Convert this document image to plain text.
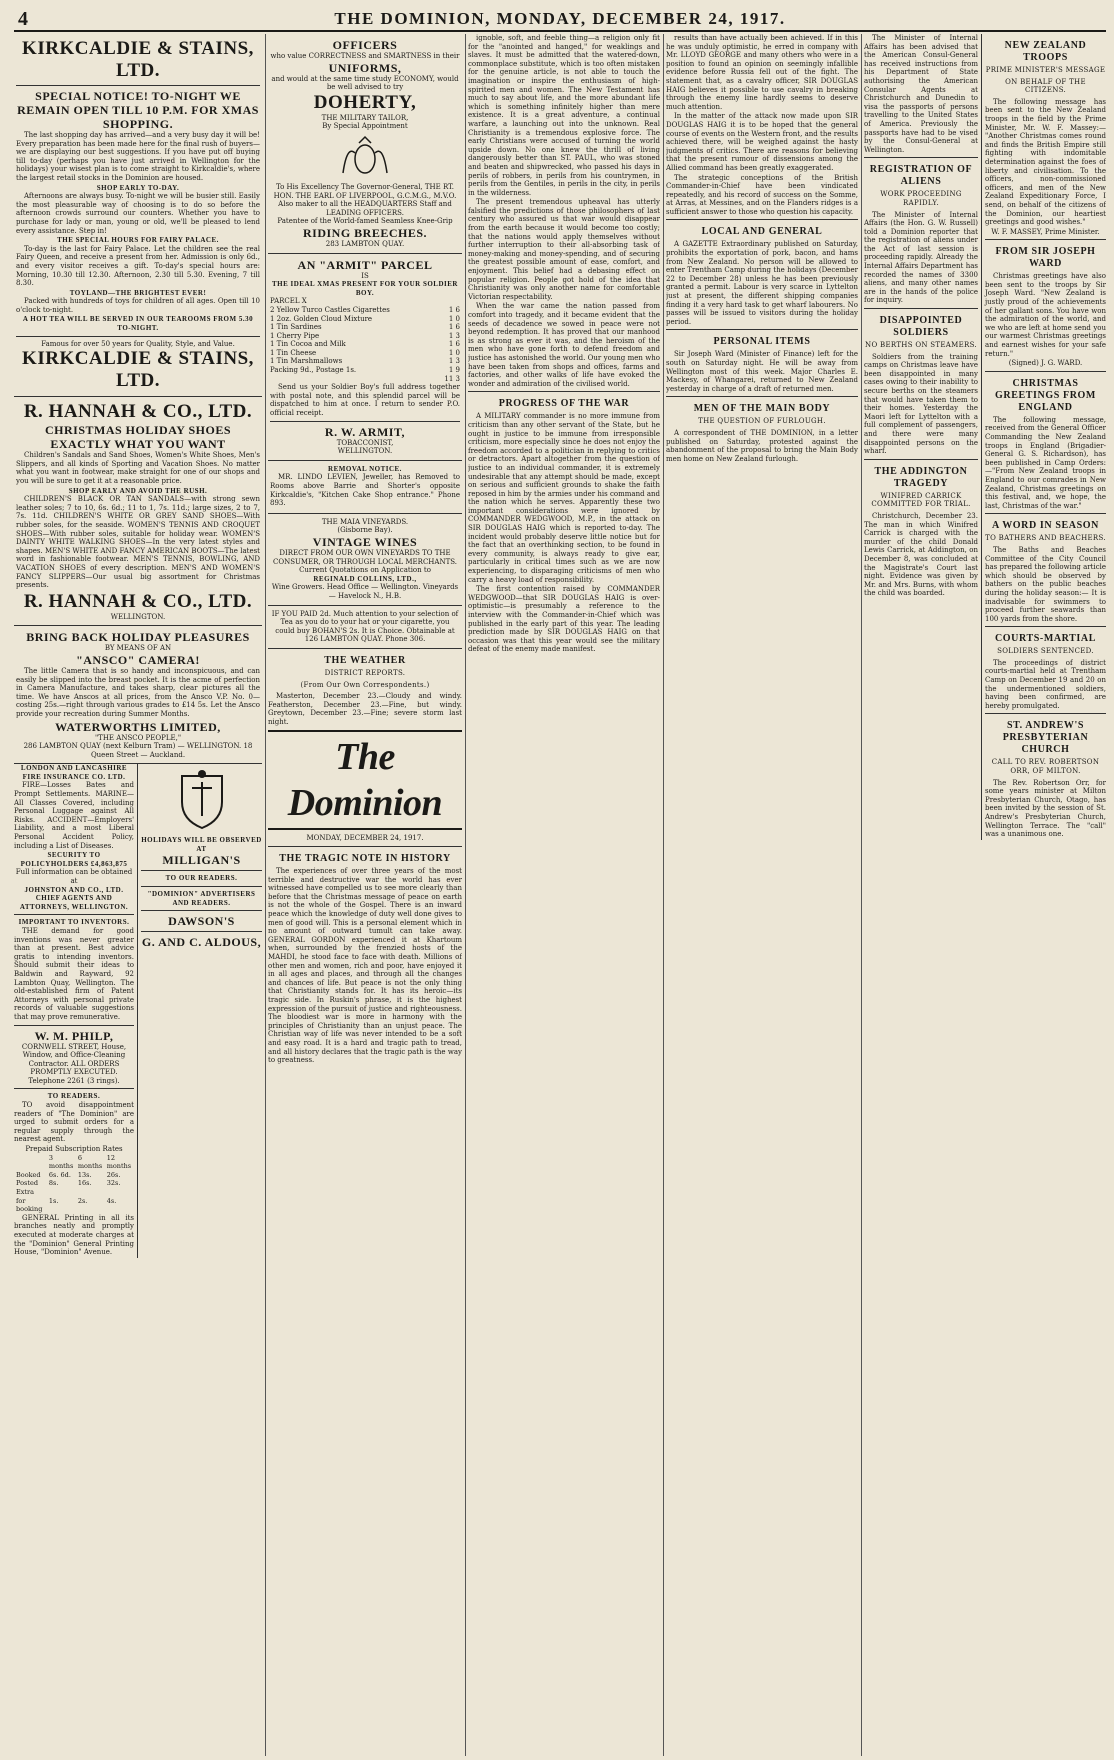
4	THE DOMINION, MONDAY, DECEMBER 24, 1917.
KIRKCALDIE & STAINS, LTD.
SPECIAL NOTICE! TO-NIGHT WE REMAIN OPEN TILL 10 P.M. FOR XMAS SHOPPING.

The last shopping day has arrived—and a very busy day it will be! Every preparation has been made here for the final rush of buyers—we are displaying our best suggestions. If you have put off buying till to-day (perhaps you have just arrived in Wellington for the holidays) your wisest plan is to come straight to Kirkcaldie's, where the largest retail stocks in the Dominion are housed.

SHOP EARLY TO-DAY.

Afternoons are always busy. To-night we will be busier still. Easily the most pleasurable way of choosing is to do so before the afternoon crowds surround our counters. Whether you have to purchase for lady or man, young or old, we'll be pleased to lend every assistance. Step in!

THE SPECIAL HOURS FOR FAIRY PALACE.

To-day is the last for Fairy Palace. Let the children see the real Fairy Queen, and receive a present from her. Admission is only 6d., and every visitor receives a gift. To-day's special hours are: Morning, 10.30 till 12.30. Afternoon, 2.30 till 5.30. Evening, 7 till 8.30.

TOYLAND—THE BRIGHTEST EVER!

Packed with hundreds of toys for children of all ages. Open till 10 o'clock to-night.

A HOT TEA WILL BE SERVED IN OUR TEAROOMS FROM 5.30 TO-NIGHT.
Famous for over 50 years for Quality, Style, and Value.
KIRKCALDIE & STAINS, LTD.
R. HANNAH & CO., LTD.
CHRISTMAS HOLIDAY SHOES EXACTLY WHAT YOU WANT

Children's Sandals and Sand Shoes, Women's White Shoes, Men's Slippers, and all kinds of Sporting and Vacation Shoes. No matter what you want in footwear, make straight for one of our shops and you will be sure to get it at a reasonable price.

SHOP EARLY AND AVOID THE RUSH.

CHILDREN'S BLACK OR TAN SANDALS—with strong sewn leather soles; 7 to 10, 6s. 6d.; 11 to 1, 7s. 11d.; large sizes, 2 to 7, 7s. 11d. CHILDREN'S WHITE OR GREY SAND SHOES—With rubber soles, for the seaside. WOMEN'S TENNIS AND CROQUET SHOES—With rubber soles, suitable for holiday wear. WOMEN'S DAINTY WHITE WALKING SHOES—In the very latest styles and shapes. MEN'S WHITE AND FANCY AMERICAN BOOTS—The latest word in fashionable footwear. MEN'S TENNIS, BOWLING, AND VACATION SHOES of every description. MEN'S AND WOMEN'S FANCY SLIPPERS—Our usual big assortment for Christmas presents.

R. HANNAH & CO., LTD.
WELLINGTON.
BRING BACK HOLIDAY PLEASURES
BY MEANS OF AN
"ANSCO" CAMERA!

The little Camera that is so handy and inconspicuous, and can easily be slipped into the breast pocket. It is the acme of perfection in Camera Manufacture, and takes sharp, clear pictures all the time. We have Anscos at all prices, from the Ansco V.P. No. 0—costing 25s.—right through various grades to £14 5s. Let the Ansco provide your recreation during Summer Months.

WATERWORTHS LIMITED,
"THE ANSCO PEOPLE,"
286 LAMBTON QUAY (next Kelburn Tram) — WELLINGTON. 18 Queen Street — Auckland.
LONDON AND LANCASHIRE FIRE INSURANCE CO. LTD.

FIRE—Losses Bates and Prompt Settlements. MARINE—All Classes Covered, including Personal Luggage against All Risks. ACCIDENT—Employers' Liability, and a most Liberal Personal Accident Policy, including a List of Diseases.

SECURITY TO POLICYHOLDERS £4,863,875
Full information can be obtained at
JOHNSTON AND CO., LTD. CHIEF AGENTS AND ATTORNEYS, WELLINGTON.
IMPORTANT TO INVENTORS.

THE demand for good inventions was never greater than at present. Best advice gratis to intending inventors. Should submit their ideas to Baldwin and Rayward, 92 Lambton Quay, Wellington. The old-established firm of Patent Attorneys with personal private records of valuable suggestions that may prove remunerative.

W. M. PHILP,
CORNWELL STREET, House, Window, and Office-Cleaning Contractor. ALL ORDERS PROMPTLY EXECUTED. Telephone 2261 (3 rings).
TO READERS.

TO avoid disappointment readers of "The Dominion" are urged to submit orders for a regular supply through the nearest agent.

Prepaid Subscription Rates
	3 months	6 months	12 months
Booked	6s. 6d.	13s.	26s.
Posted	8s.	16s.	32s.
Extra for booking	1s.	2s.	4s.

GENERAL Printing in all its branches neatly and promptly executed at moderate charges at the "Dominion" General Printing House, "Dominion" Avenue.

HOLIDAYS WILL BE OBSERVED AT
MILLIGAN'S
TO OUR READERS.
"DOMINION" ADVERTISERS AND READERS.
DAWSON'S
G. AND C. ALDOUS,
OFFICERS
who value CORRECTNESS and SMARTNESS in their
UNIFORMS,
and would at the same time study ECONOMY, would be well advised to try
DOHERTY,
THE MILITARY TAILOR,
By Special Appointment
To His Excellency The Governor-General, THE RT. HON. THE EARL OF LIVERPOOL, G.C.M.G., M.V.O.
Also maker to all the HEADQUARTERS Staff and LEADING OFFICERS.
Patentee of the World-famed Seamless Knee-Grip
RIDING BREECHES.
283 LAMBTON QUAY.
AN "ARMIT" PARCEL
IS
THE IDEAL XMAS PRESENT FOR YOUR SOLDIER BOY.
PARCEL X
2 Yellow Turco Castles Cigarettes	1 6
1 2oz. Golden Cloud Mixture	1 0
1 Tin Sardines	1 6
1 Cherry Pipe	1 3
1 Tin Cocoa and Milk	1 6
1 Tin Cheese	1 0
1 Tin Marshmallows	1 3
Packing 9d., Postage 1s.	1 9
11 3

Send us your Soldier Boy's full address together with postal note, and this splendid parcel will be dispatched to him at once. I return to sender P.O. official receipt.

R. W. ARMIT,
TOBACCONIST,
WELLINGTON.
REMOVAL NOTICE.

MR. LINDO LEVIEN, Jeweller, has Removed to Rooms above Barrie and Shorter's opposite Kirkcaldie's, "Kitchen Cake Shop entrance." Phone 893.

THE MAIA VINEYARDS.
(Gisborne Bay).
VINTAGE WINES
DIRECT FROM OUR OWN VINEYARDS TO THE CONSUMER, OR THROUGH LOCAL MERCHANTS. Current Quotations on Application to
REGINALD COLLINS, LTD.,
Wine Growers. Head Office — Wellington. Vineyards — Havelock N., H.B.
IF YOU PAID 2d. Much attention to your selection of Tea as you do to your hat or your cigarette, you could buy BOHAN'S 2s. It is Choice. Obtainable at 126 LAMBTON QUAY. Phone 306.
THE WEATHER
DISTRICT REPORTS.
(From Our Own Correspondents.)

Masterton, December 23.—Cloudy and windy. Featherston, December 23.—Fine, but windy. Greytown, December 23.—Fine; severe storm last night.

The Dominion
MONDAY, DECEMBER 24, 1917.
THE TRAGIC NOTE IN HISTORY

The experiences of over three years of the most terrible and destructive war the world has ever witnessed have compelled us to see more clearly than before that the Christmas message of peace on earth is not the whole of the Gospel. There is an inward peace which the knowledge of duty well done gives to men of good will. This is a personal element which in no amount of outward tumult can take away. GENERAL GORDON experienced it at Khartoum when, surrounded by the frenzied hosts of the MAHDI, he stood face to face with death. Millions of other men and women, rich and poor, have enjoyed it in all ages and places, and through all the changes and chances of life. But peace is not the only thing that Christianity stands for. It has its heroic—its tragic side. In Ruskin's phrase, it is the highest expression of the pursuit of justice and righteousness. The bloodiest war is more in harmony with the principles of Christianity than an unjust peace. The Christian way of life was never intended to be a soft and easy road. It is a hard and tragic path to tread, and all history declares that the tragic path is the way to greatness.

ignoble, soft, and feeble thing—a religion only fit for the "anointed and hanged," for weaklings and slaves. It must be admitted that the watered-down, commonplace substitute, which is too often mistaken for the genuine article, is not able to touch the imagination or inspire the enthusiasm of high-spirited men and women. The New Testament has much to say about life, and the more abundant life which is something infinitely higher than mere existence. It is a great adventure, a continual warfare, a launching out into the unknown. Real Christianity is a tremendous explosive force. The early Christians were accused of turning the world upside down. No one knew the thrill of living dangerously better than ST. PAUL, who was stoned and beaten and shipwrecked, who passed his days in perils of robbers, in perils from his countrymen, in perils from the Gentiles, in perils in the city, in perils in the wilderness.

The present tremendous upheaval has utterly falsified the predictions of those philosophers of last century who assured us that war would disappear from the earth because it would become too costly; that the nations would apply themselves without further interruption to their all-absorbing task of money-making and money-spending, and of securing the greatest possible amount of ease, comfort, and enjoyment. This belief had a debasing effect on popular religion. People got hold of the idea that Christianity was only another name for comfortable Victorian respectability.

When the war came the nation passed from comfort into tragedy, and it became evident that the seeds of decadence we sowed in peace were not beyond redemption. It has proved that our manhood is as strong as ever it was, and the heroism of the men who have gone forth to defend freedom and justice has astonished the world. Our young men who have been taken from shops and offices, farms and factories, and other walks of life have evoked the wonder and admiration of the civilised world.

PROGRESS OF THE WAR

A MILITARY commander is no more immune from criticism than any other servant of the State, but he ought in justice to be immune from irresponsible criticism, more especially since he does not enjoy the freedom accorded to a politician in replying to critics or detractors. Apart altogether from the question of justice to an individual commander, it is extremely undesirable that any attempt should be made, except on serious and sufficient grounds to shake the faith reposed in him by the armies under his command and the nation which he serves. Apparently these two important considerations were ignored by COMMANDER WEDGWOOD, M.P., in the attack on SIR DOUGLAS HAIG which is reported to-day. The incident would probably deserve little notice but for the fact that an overthinking section, to be found in every community, is always ready to give ear, particularly in critical times such as we are now experiencing, to disparaging criticisms of men who carry a heavy load of responsibility.

The first contention raised by COMMANDER WEDGWOOD—that SIR DOUGLAS HAIG is over-optimistic—is presumably a reference to the interview with the Commander-in-Chief which was published in the early part of this year. The leading prediction made by SIR DOUGLAS HAIG on that occasion was that this year would see the military defeat of the enemy made manifest.

results than have actually been achieved. If in this he was unduly optimistic, he erred in company with Mr. LLOYD GEORGE and many others who were in a position to found an opinion on seemingly infallible evidence before Russia fell out of the fight. The statement that, as a cavalry officer, SIR DOUGLAS HAIG believes it possible to use cavalry in breaking through the enemy line hardly seems to deserve much attention.

In the matter of the attack now made upon SIR DOUGLAS HAIG it is to be hoped that the general course of events on the Western front, and the results achieved there, will be weighed against the hasty judgments of critics. There are reasons for believing that the present rumour of dissensions among the Allied command has been greatly exaggerated.

The strategic conceptions of the British Commander-in-Chief have been vindicated repeatedly, and his record of success on the Somme, at Arras, at Messines, and on the Flanders ridges is a sufficient answer to those who question his capacity.

LOCAL AND GENERAL

A GAZETTE Extraordinary published on Saturday, prohibits the exportation of pork, bacon, and hams from New Zealand. No person will be allowed to enter Trentham Camp during the holidays (December 22 to December 28) unless he has been previously granted a permit. Labour is very scarce in Lyttelton just at present, the different shipping companies finding it a very hard task to get wharf labourers. No passes will be issued to visitors during the holiday period.

PERSONAL ITEMS

Sir Joseph Ward (Minister of Finance) left for the south on Saturday night. He will be away from Wellington most of this week. Major Charles E. Mackesy, of Whangarei, returned to New Zealand yesterday in charge of a draft of returned men.

MEN OF THE MAIN BODY
THE QUESTION OF FURLOUGH.

A correspondent of THE DOMINION, in a letter published on Saturday, protested against the abandonment of the proposal to bring the Main Body men home on New Zealand furlough.

The Minister of Internal Affairs has been advised that the American Consul-General has received instructions from his Department of State authorising the American Consular Agents at Christchurch and Dunedin to visa the passports of persons travelling to the United States of America. Previously the passports have had to be vised by the Consul-General at Wellington.

REGISTRATION OF ALIENS
WORK PROCEEDING RAPIDLY.

The Minister of Internal Affairs (the Hon. G. W. Russell) told a Dominion reporter that the registration of aliens under the Act of last session is proceeding rapidly. Already the Internal Affairs Department has recorded the names of 3300 aliens, and many other names are in the hands of the police for inquiry.

DISAPPOINTED SOLDIERS
NO BERTHS ON STEAMERS.

Soldiers from the training camps on Christmas leave have been disappointed in many cases owing to their inability to secure berths on the steamers that would have taken them to their homes. Yesterday the Maori left for Lyttelton with a full complement of passengers, and there were many disappointed persons on the wharf.

THE ADDINGTON TRAGEDY
WINIFRED CARRICK COMMITTED FOR TRIAL.

Christchurch, December 23. The man in which Winifred Carrick is charged with the murder of the child Donald Lewis Carrick, at Addington, on December 8, was concluded at the Magistrate's Court last night. Evidence was given by Mr. and Mrs. Burns, with whom the child was boarded.

NEW ZEALAND TROOPS
PRIME MINISTER'S MESSAGE
ON BEHALF OF THE CITIZENS.

The following message has been sent to the New Zealand troops in the field by the Prime Minister, Mr. W. F. Massey:— "Another Christmas comes round and finds the British Empire still fighting with indomitable determination against the foes of liberty and civilisation. To the officers, non-commissioned officers, and men of the New Zealand Expeditionary Force, I send, on behalf of the citizens of the Dominion, our heartiest greetings and good wishes."

W. F. MASSEY, Prime Minister.
FROM SIR JOSEPH WARD

Christmas greetings have also been sent to the troops by Sir Joseph Ward. "New Zealand is justly proud of the achievements of her gallant sons. You have won the admiration of the world, and we who are left at home send you our warmest Christmas greetings and earnest wishes for your safe return."

(Signed) J. G. WARD.
CHRISTMAS GREETINGS FROM ENGLAND

The following message, received from the General Officer Commanding the New Zealand troops in England (Brigadier-General G. S. Richardson), has been published in Camp Orders:—"From New Zealand troops in England to our comrades in New Zealand, Christmas greetings on this festival, and, we hope, the last, Christmas of the war."

A WORD IN SEASON
TO BATHERS AND BEACHERS.

The Baths and Beaches Committee of the City Council has prepared the following article which should be observed by bathers on the public beaches during the holiday season:— It is inadvisable for swimmers to proceed further seawards than 100 yards from the shore.

COURTS-MARTIAL
SOLDIERS SENTENCED.

The proceedings of district courts-martial held at Trentham Camp on December 19 and 20 on the undermentioned soldiers, having been confirmed, are hereby promulgated.

ST. ANDREW'S PRESBYTERIAN CHURCH
CALL TO REV. ROBERTSON ORR, OF MILTON.

The Rev. Robertson Orr, for some years minister at Milton Presbyterian Church, Otago, has been invited by the session of St. Andrew's Presbyterian Church, Wellington Terrace. The "call" was a unanimous one.
